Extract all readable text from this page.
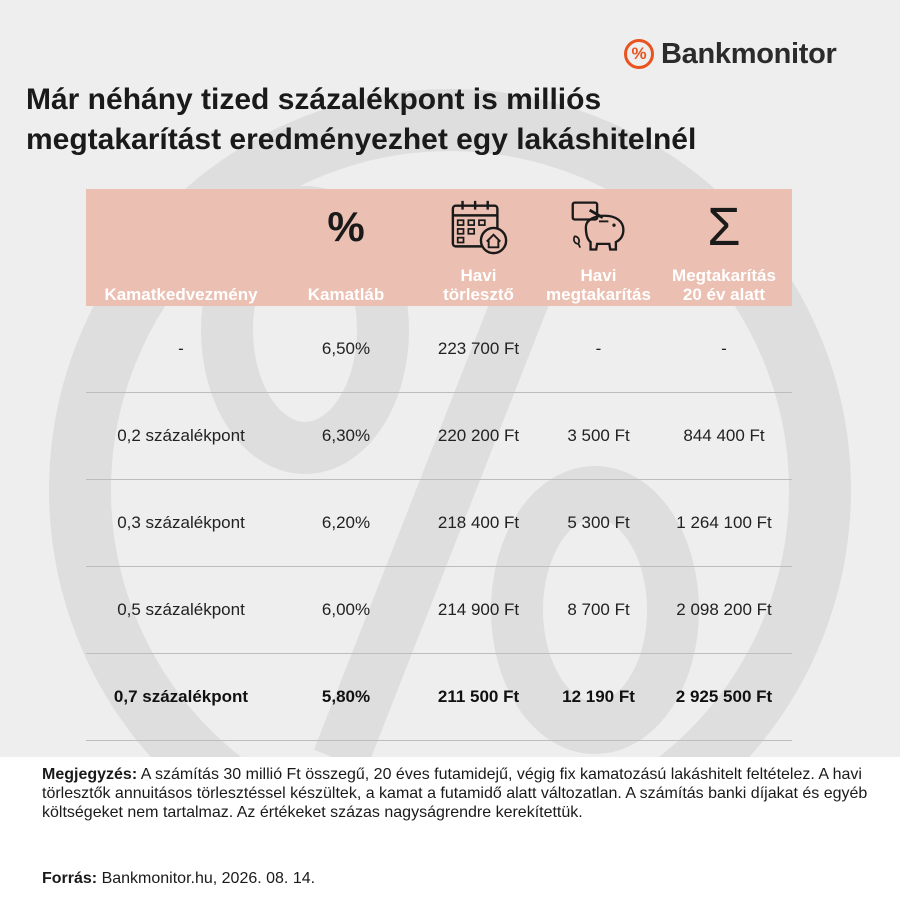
% Bankmonitor
Már néhány tized százalékpont is milliós
megtakarítást eredményezhet egy lakáshitelnél
Kamatkedvezmény
%
Kamatláb
Havi
törlesztő
Havi
megtakarítás
Σ
Megtakarítás
20 év alatt
-	6,50%	223 700 Ft	-	-
0,2 százalékpont	6,30%	220 200 Ft	3 500 Ft	844 400 Ft
0,3 százalékpont	6,20%	218 400 Ft	5 300 Ft	1 264 100 Ft
0,5 százalékpont	6,00%	214 900 Ft	8 700 Ft	2 098 200 Ft
0,7 százalékpont	5,80%	211 500 Ft	12 190 Ft	2 925 500 Ft

Megjegyzés: A számítás 30 millió Ft összegű, 20 éves futamidejű, végig fix kamatozású lakáshitelt feltételez. A havi törlesztők annuitásos törlesztéssel készültek, a kamat a futamidő alatt változatlan. A számítás banki díjakat és egyéb költségeket nem tartalmaz. Az értékeket százas nagyságrendre kerekítettük.

Forrás: Bankmonitor.hu, 2026. 08. 14.
